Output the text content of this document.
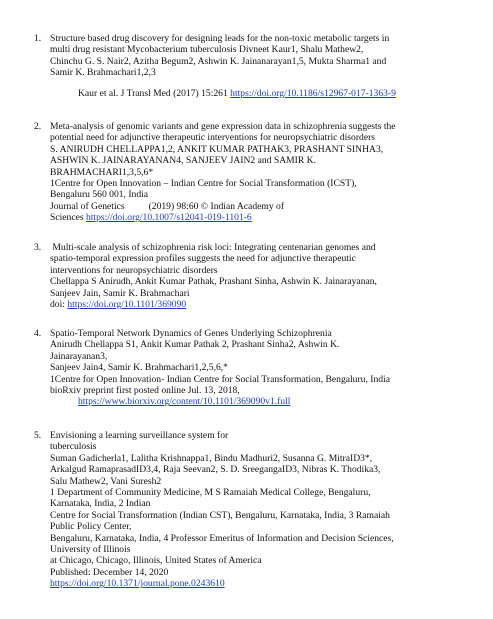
1. Structure based drug discovery for designing leads for the non-toxic metabolic targets in
multi drug resistant Mycobacterium tuberculosis Divneet Kaur1, Shalu Mathew2,
Chinchu G. S. Nair2, Azitha Begum2, Ashwin K. Jainanarayan1,5, Mukta Sharma1 and
Samir K. Brahmachari1,2,3
Kaur et al. J Transl Med (2017) 15:261 https://doi.org/10.1186/s12967-017-1363-9
2. Meta-analysis of genomic variants and gene expression data in schizophrenia suggests the
potential need for adjunctive therapeutic interventions for neuropsychiatric disorders
S. ANIRUDH CHELLAPPA1,2, ANKIT KUMAR PATHAK3, PRASHANT SINHA3,
ASHWIN K. JAINARAYANAN4, SANJEEV JAIN2 and SAMIR K.
BRAHMACHARI1,3,5,6*
1Centre for Open Innovation – Indian Centre for Social Transformation (ICST),
Bengaluru 560 001, India
Journal of Genetics          (2019) 98:60 © Indian Academy of
Sciences https://doi.org/10.1007/s12041-019-1101-6
3. Multi-scale analysis of schizophrenia risk loci: Integrating centenarian genomes and
spatio-temporal expression profiles suggests the need for adjunctive therapeutic
interventions for neuropsychiatric disorders
Chellappa S Anirudh, Ankit Kumar Pathak, Prashant Sinha, Ashwin K. Jainarayanan,
Sanjeev Jain, Samir K. Brahmachari
doi: https://doi.org/10.1101/369090
4. Spatio-Temporal Network Dynamics of Genes Underlying Schizophrenia
Anirudh Chellappa S1, Ankit Kumar Pathak 2, Prashant Sinha2, Ashwin K.
Jainarayanan3,
Sanjeev Jain4, Samir K. Brahmachari1,2,5,6,*
1Centre for Open Innovation- Indian Centre for Social Transformation, Bengaluru, India
bioRxiv preprint first posted online Jul. 13, 2018,
https://www.biorxiv.org/content/10.1101/369090v1.full
5. Envisioning a learning surveillance system for
tuberculosis
Suman Gadicherla1, Lalitha Krishnappa1, Bindu Madhuri2, Susanna G. MitraID3*,
Arkalgud RamaprasadID3,4, Raja Seevan2, S. D. SreegangaID3, Nibras K. Thodika3,
Salu Mathew2, Vani Suresh2
1 Department of Community Medicine, M S Ramaiah Medical College, Bengaluru,
Karnataka, India, 2 Indian
Centre for Social Transformation (Indian CST), Bengaluru, Karnataka, India, 3 Ramaiah
Public Policy Center,
Bengaluru, Karnataka, India, 4 Professor Emeritus of Information and Decision Sciences,
University of Illinois
at Chicago, Chicago, Illinois, United States of America
Published: December 14, 2020
https://doi.org/10.1371/journal.pone.0243610
